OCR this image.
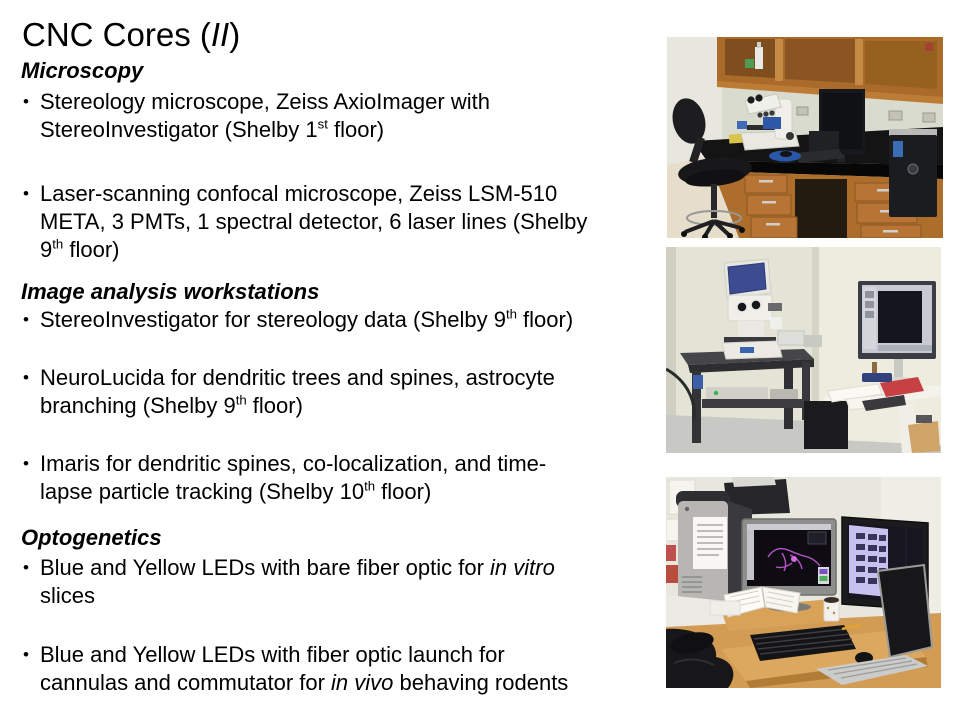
CNC Cores (II)
Microscopy
• Stereology microscope, Zeiss AxioImager with
StereoInvestigator (Shelby 1st floor)
• Laser-scanning confocal microscope, Zeiss LSM-510
META, 3 PMTs, 1 spectral detector, 6 laser lines (Shelby
9th floor)
Image analysis workstations
• StereoInvestigator for stereology data (Shelby 9th floor)
• NeuroLucida for dendritic trees and spines, astrocyte
branching (Shelby 9th floor)
• Imaris for dendritic spines, co-localization, and time-
lapse particle tracking (Shelby 10th floor)
Optogenetics
• Blue and Yellow LEDs with bare fiber optic for in vitro
slices
• Blue and Yellow LEDs with fiber optic launch for
cannulas and commutator for in vivo behaving rodents
